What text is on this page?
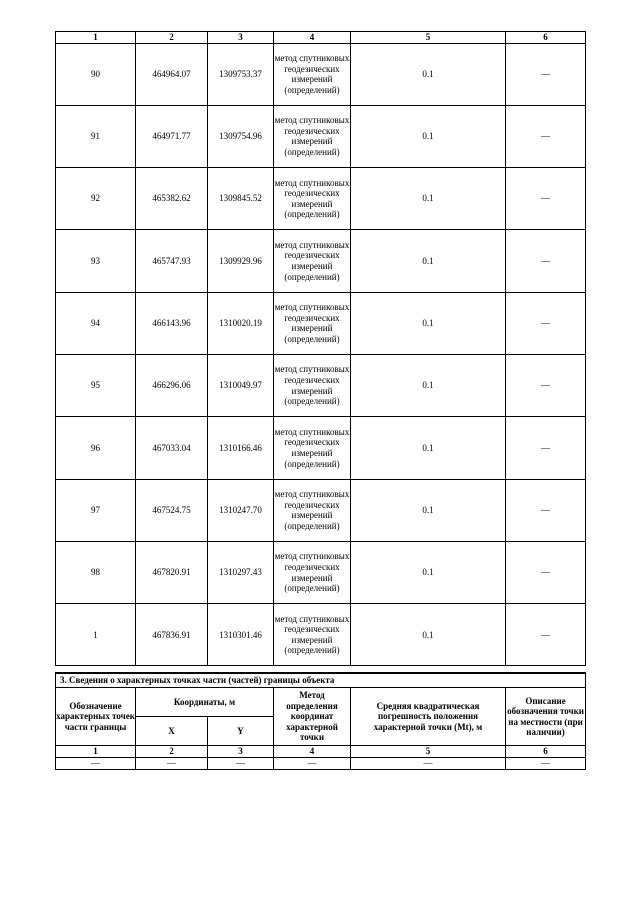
1	2	3	4	5	6
90	464964.07	1309753.37	метод спутниковых геодезических измерений (определений)	0.1	—
91	464971.77	1309754.96	метод спутниковых геодезических измерений (определений)	0.1	—
92	465382.62	1309845.52	метод спутниковых геодезических измерений (определений)	0.1	—
93	465747.93	1309929.96	метод спутниковых геодезических измерений (определений)	0.1	—
94	466143.96	1310020.19	метод спутниковых геодезических измерений (определений)	0.1	—
95	466296.06	1310049.97	метод спутниковых геодезических измерений (определений)	0.1	—
96	467033.04	1310166.46	метод спутниковых геодезических измерений (определений)	0.1	—
97	467524.75	1310247.70	метод спутниковых геодезических измерений (определений)	0.1	—
98	467820.91	1310297.43	метод спутниковых геодезических измерений (определений)	0.1	—
1	467836.91	1310301.46	метод спутниковых геодезических измерений (определений)	0.1	—
3. Сведения о характерных точках части (частей) границы объекта					
Обозначение характерных точек части границы	Координаты, м		Метод определения координат характерной точки	Средняя квадратическая погрешность положения характерной точки (Mt), м	Описание обозначения точки на местности (при наличии)
	X	Y			
1	2	3	4	5	6
—	—	—	—	—	—
